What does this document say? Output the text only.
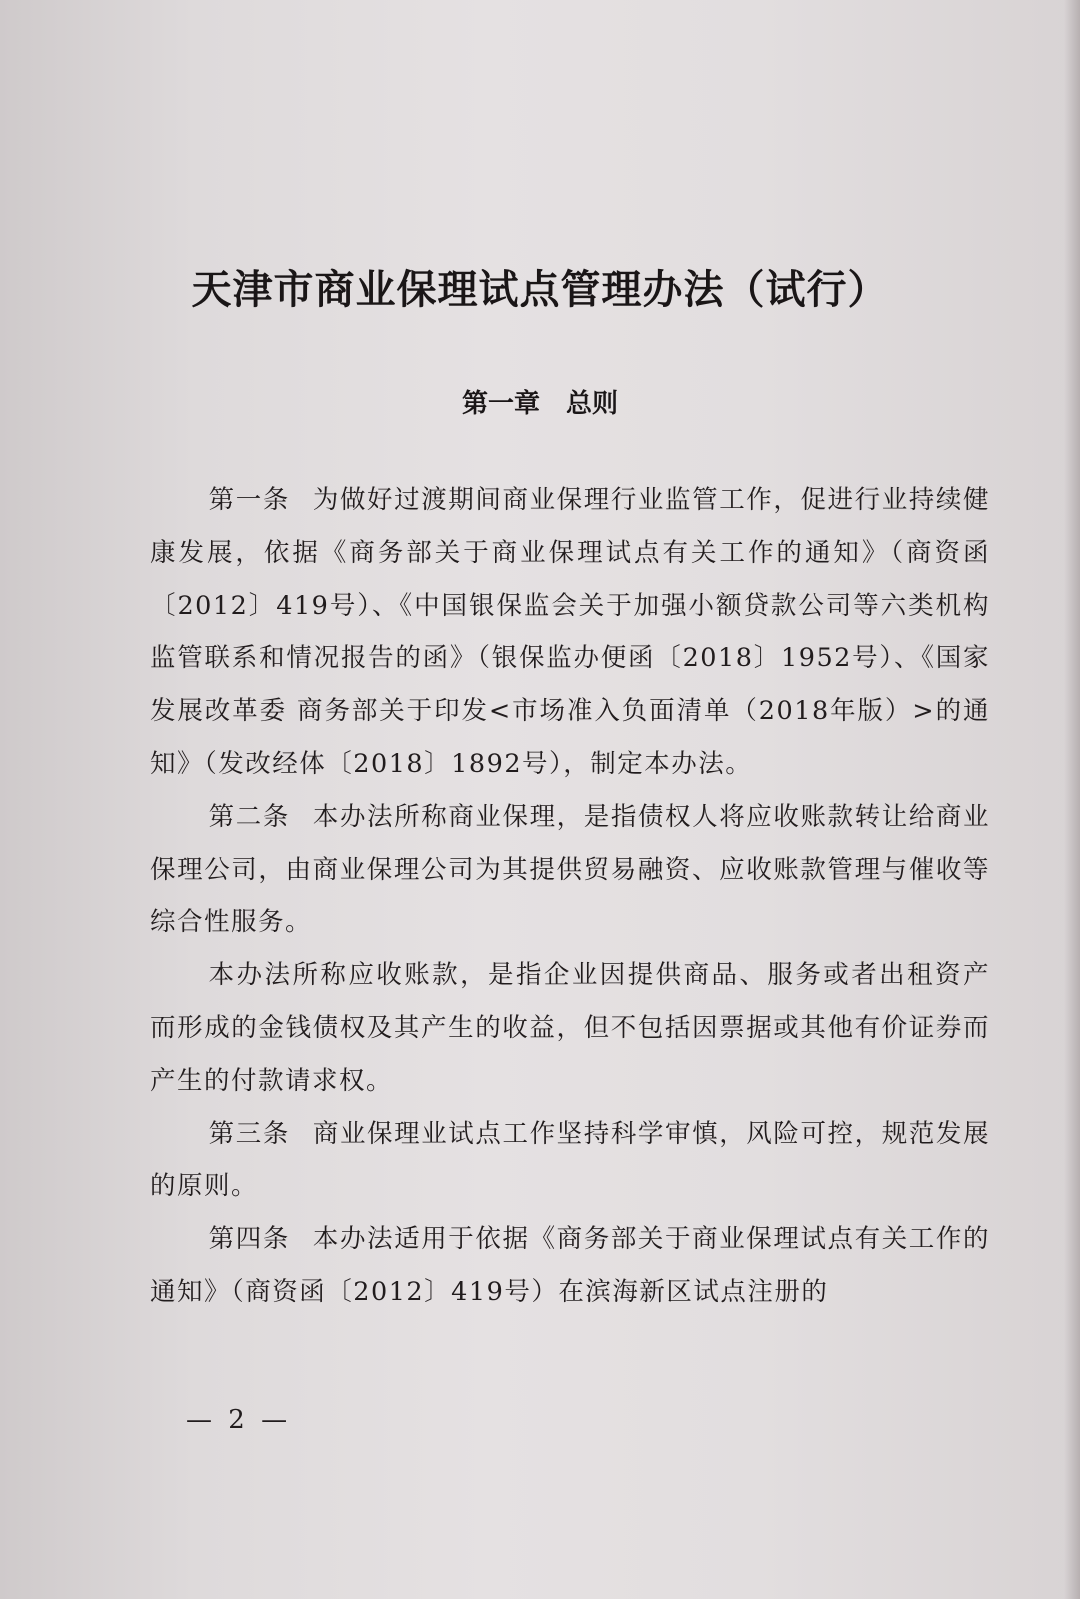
天津市商业保理试点管理办法（试行）
第一章　总则

第一条 为做好过渡期间商业保理行业监管工作，促进行业持续健康发展，依据《商务部关于商业保理试点有关工作的通知》（商资函〔2012〕419号）、《中国银保监会关于加强小额贷款公司等六类机构监管联系和情况报告的函》（银保监办便函〔2018〕1952号）、《国家发展改革委 商务部关于印发<市场准入负面清单（2018年版）>的通知》（发改经体〔2018〕1892号），制定本办法。

第二条 本办法所称商业保理，是指债权人将应收账款转让给商业保理公司，由商业保理公司为其提供贸易融资、应收账款管理与催收等综合性服务。

本办法所称应收账款，是指企业因提供商品、服务或者出租资产而形成的金钱债权及其产生的收益，但不包括因票据或其他有价证券而产生的付款请求权。

第三条 商业保理业试点工作坚持科学审慎，风险可控，规范发展的原则。

第四条 本办法适用于依据《商务部关于商业保理试点有关工作的通知》（商资函〔2012〕419号）在滨海新区试点注册的

— 2 —
